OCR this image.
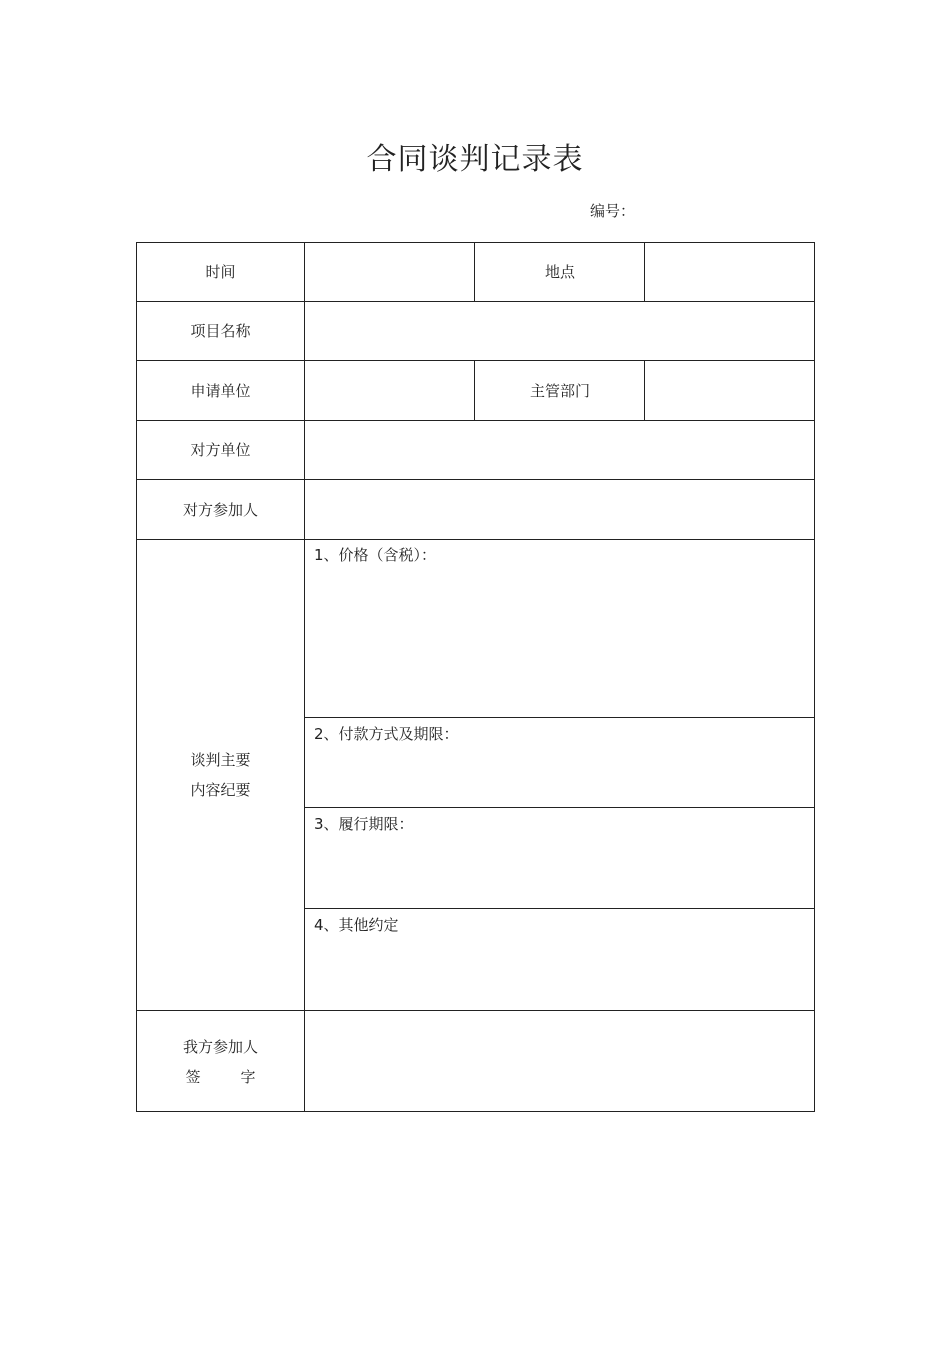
合同谈判记录表
编号：
时间	地点
项目名称
申请单位	主管部门
对方单位
对方参加人
谈判主要
内容纪要
1、价格（含税）：
2、付款方式及期限：
3、履行期限：
4、其他约定
我方参加人
签字
